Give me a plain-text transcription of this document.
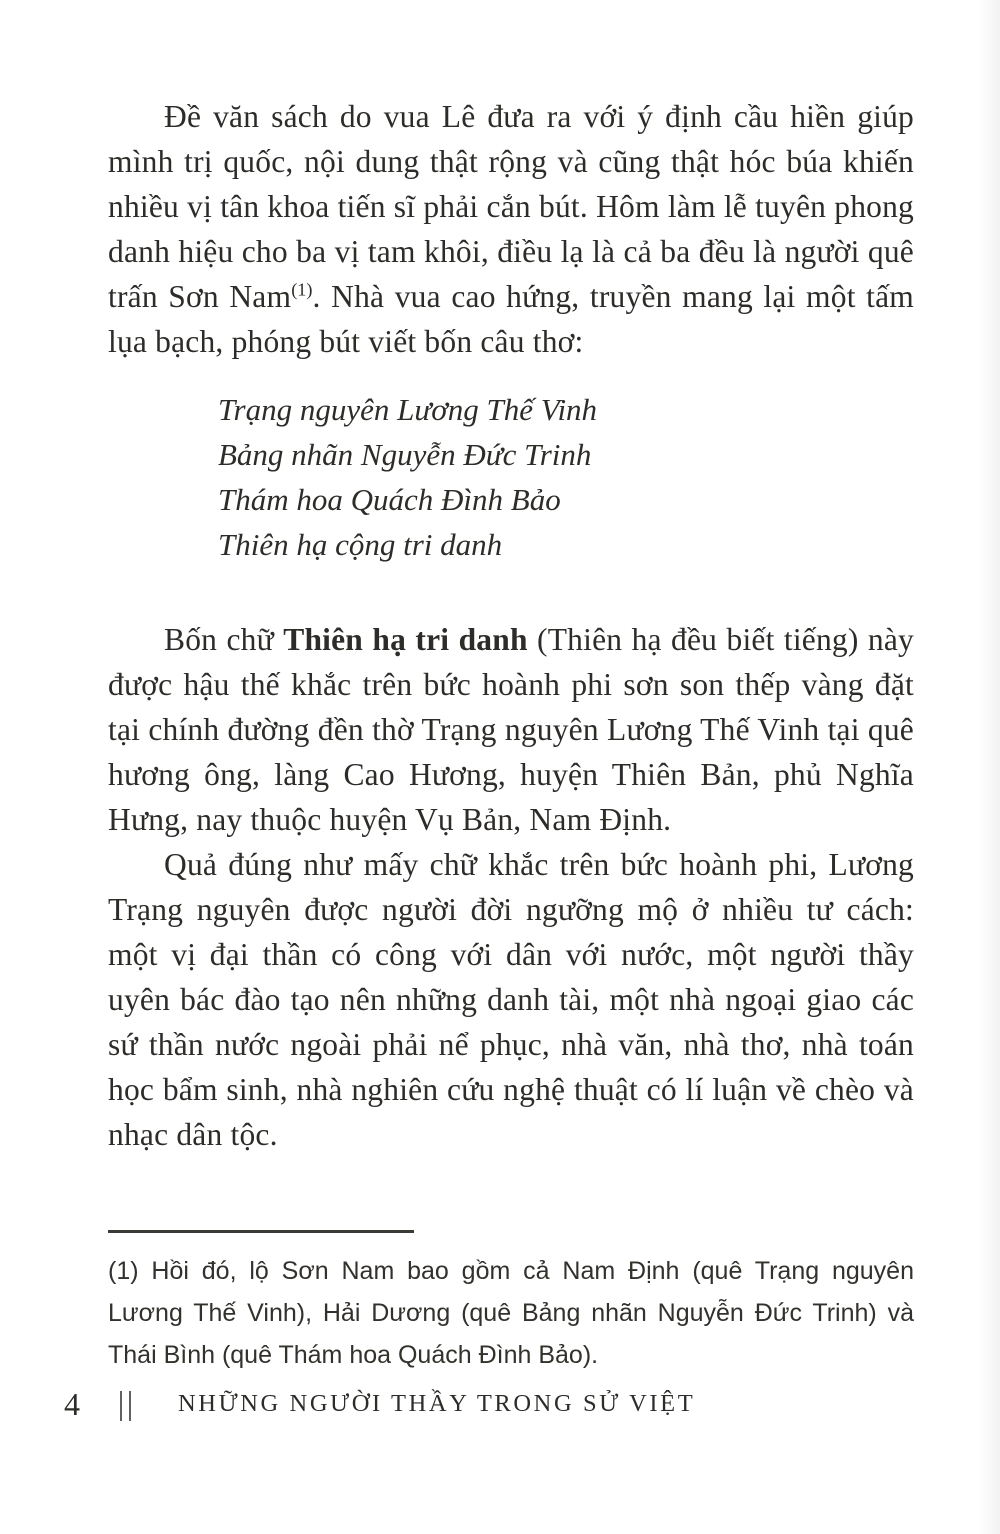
Đề văn sách do vua Lê đưa ra với ý định cầu hiền giúp mình trị quốc, nội dung thật rộng và cũng thật hóc búa khiến nhiều vị tân khoa tiến sĩ phải cắn bút. Hôm làm lễ tuyên phong danh hiệu cho ba vị tam khôi, điều lạ là cả ba đều là người quê trấn Sơn Nam$^{(1)}$. Nhà vua cao hứng, truyền mang lại một tấm lụa bạch, phóng bút viết bốn câu thơ:

Trạng nguyên Lương Thế Vinh
Bảng nhãn Nguyễn Đức Trinh
Thám hoa Quách Đình Bảo
Thiên hạ cộng tri danh

Bốn chữ Thiên hạ tri danh (Thiên hạ đều biết tiếng) này được hậu thế khắc trên bức hoành phi sơn son thếp vàng đặt tại chính đường đền thờ Trạng nguyên Lương Thế Vinh tại quê hương ông, làng Cao Hương, huyện Thiên Bản, phủ Nghĩa Hưng, nay thuộc huyện Vụ Bản, Nam Định.

Quả đúng như mấy chữ khắc trên bức hoành phi, Lương Trạng nguyên được người đời ngưỡng mộ ở nhiều tư cách: một vị đại thần có công với dân với nước, một người thầy uyên bác đào tạo nên những danh tài, một nhà ngoại giao các sứ thần nước ngoài phải nể phục, nhà văn, nhà thơ, nhà toán học bẩm sinh, nhà nghiên cứu nghệ thuật có lí luận về chèo và nhạc dân tộc.

(1) Hồi đó, lộ Sơn Nam bao gồm cả Nam Định (quê Trạng nguyên Lương Thế Vinh), Hải Dương (quê Bảng nhãn Nguyễn Đức Trinh) và Thái Bình (quê Thám hoa Quách Đình Bảo).

4 || NHỮNG NGƯỜI THẦY TRONG SỬ VIỆT
